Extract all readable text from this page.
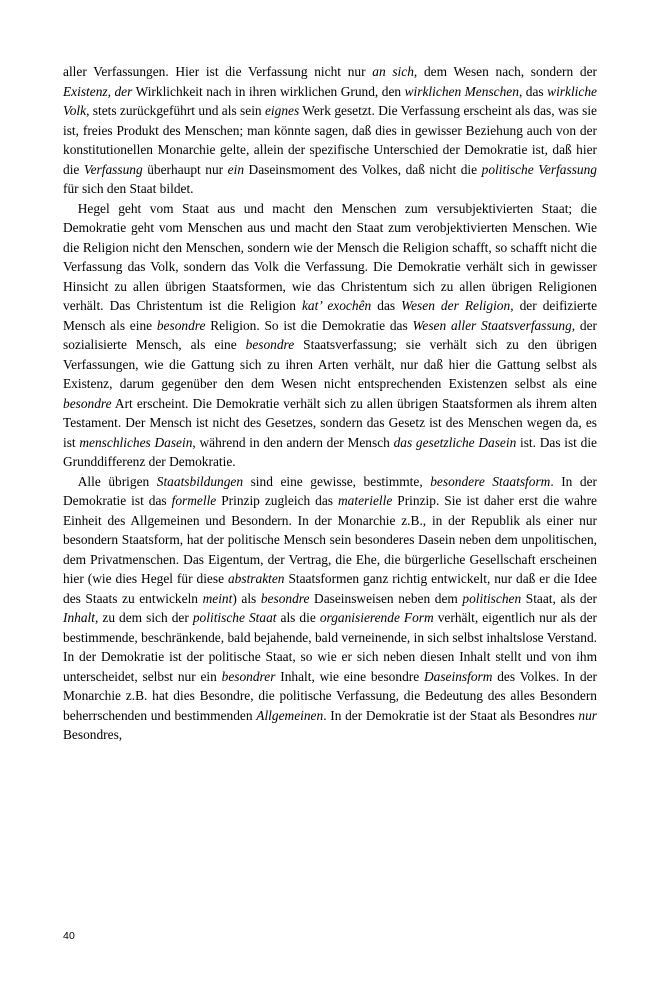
aller Verfassungen. Hier ist die Verfassung nicht nur an sich, dem Wesen nach, sondern der Existenz, der Wirklichkeit nach in ihren wirklichen Grund, den wirklichen Menschen, das wirkliche Volk, stets zurückgeführt und als sein eignes Werk gesetzt. Die Verfassung erscheint als das, was sie ist, freies Produkt des Menschen; man könnte sagen, daß dies in gewisser Beziehung auch von der konstitutionellen Monarchie gelte, allein der spezifische Unterschied der Demokratie ist, daß hier die Verfassung überhaupt nur ein Daseinsmoment des Volkes, daß nicht die politische Verfassung für sich den Staat bildet.

Hegel geht vom Staat aus und macht den Menschen zum versubjektivierten Staat; die Demokratie geht vom Menschen aus und macht den Staat zum verobjektivierten Menschen. Wie die Religion nicht den Menschen, sondern wie der Mensch die Religion schafft, so schafft nicht die Verfassung das Volk, sondern das Volk die Verfassung. Die Demokratie verhält sich in gewisser Hinsicht zu allen übrigen Staatsformen, wie das Christentum sich zu allen übrigen Religionen verhält. Das Christentum ist die Religion kat’ exochên das Wesen der Religion, der deifizierte Mensch als eine besondre Religion. So ist die Demokratie das Wesen aller Staatsverfassung, der sozialisierte Mensch, als eine besondre Staatsverfassung; sie verhält sich zu den übrigen Verfassungen, wie die Gattung sich zu ihren Arten verhält, nur daß hier die Gattung selbst als Existenz, darum gegenüber den dem Wesen nicht entsprechenden Existenzen selbst als eine besondre Art erscheint. Die Demokratie verhält sich zu allen übrigen Staatsformen als ihrem alten Testament. Der Mensch ist nicht des Gesetzes, sondern das Gesetz ist des Menschen wegen da, es ist menschliches Dasein, während in den andern der Mensch das gesetzliche Dasein ist. Das ist die Grunddifferenz der Demokratie.

Alle übrigen Staatsbildungen sind eine gewisse, bestimmte, besondere Staatsform. In der Demokratie ist das formelle Prinzip zugleich das materielle Prinzip. Sie ist daher erst die wahre Einheit des Allgemeinen und Besondern. In der Monarchie z.B., in der Republik als einer nur besondern Staatsform, hat der politische Mensch sein besonderes Dasein neben dem unpolitischen, dem Privatmenschen. Das Eigentum, der Vertrag, die Ehe, die bürgerliche Gesellschaft erscheinen hier (wie dies Hegel für diese abstrakten Staatsformen ganz richtig entwickelt, nur daß er die Idee des Staats zu entwickeln meint) als besondre Daseinsweisen neben dem politischen Staat, als der Inhalt, zu dem sich der politische Staat als die organisierende Form verhält, eigentlich nur als der bestimmende, beschränkende, bald bejahende, bald verneinende, in sich selbst inhaltslose Verstand. In der Demokratie ist der politische Staat, so wie er sich neben diesen Inhalt stellt und von ihm unterscheidet, selbst nur ein besondrer Inhalt, wie eine besondre Daseinsform des Volkes. In der Monarchie z.B. hat dies Besondre, die politische Verfassung, die Bedeutung des alles Besondern beherrschenden und bestimmenden Allgemeinen. In der Demokratie ist der Staat als Besondres nur Besondres,

40
